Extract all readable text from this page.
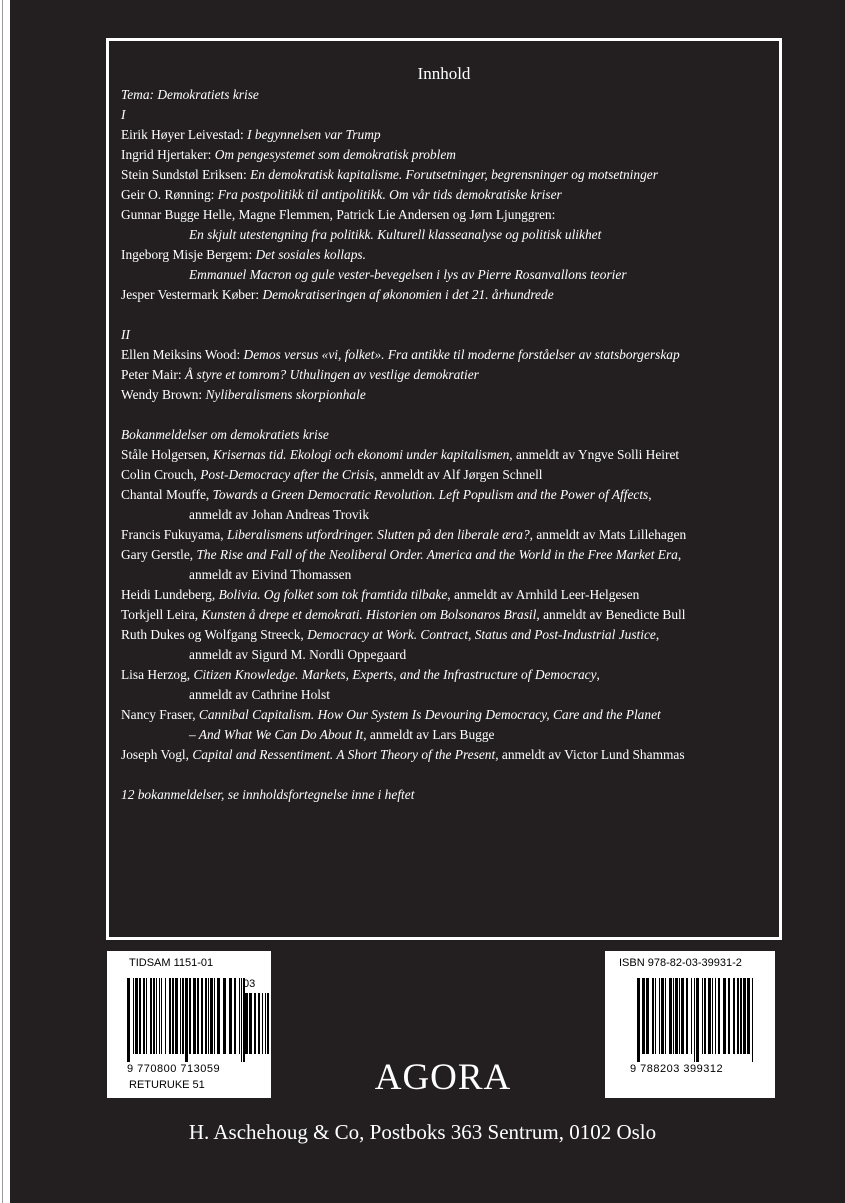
Innhold
Tema: Demokratiets krise
I
Eirik Høyer Leivestad: I begynnelsen var Trump
Ingrid Hjertaker: Om pengesystemet som demokratisk problem
Stein Sundstøl Eriksen: En demokratisk kapitalisme. Forutsetninger, begrensninger og motsetninger
Geir O. Rønning: Fra postpolitikk til antipolitikk. Om vår tids demokratiske kriser
Gunnar Bugge Helle, Magne Flemmen, Patrick Lie Andersen og Jørn Ljunggren:
En skjult utestengning fra politikk. Kulturell klasseanalyse og politisk ulikhet
Ingeborg Misje Bergem: Det sosiales kollaps.
Emmanuel Macron og gule vester-bevegelsen i lys av Pierre Rosanvallons teorier
Jesper Vestermark Køber: Demokratiseringen af økonomien i det 21. århundrede
II
Ellen Meiksins Wood: Demos versus «vi, folket». Fra antikke til moderne forståelser av statsborgerskap
Peter Mair: Å styre et tomrom? Uthulingen av vestlige demokratier
Wendy Brown: Nyliberalismens skorpionhale
Bokanmeldelser om demokratiets krise
Ståle Holgersen, Krisernas tid. Ekologi och ekonomi under kapitalismen, anmeldt av Yngve Solli Heiret
Colin Crouch, Post-Democracy after the Crisis, anmeldt av Alf Jørgen Schnell
Chantal Mouffe, Towards a Green Democratic Revolution. Left Populism and the Power of Affects,
anmeldt av Johan Andreas Trovik
Francis Fukuyama, Liberalismens utfordringer. Slutten på den liberale æra?, anmeldt av Mats Lillehagen
Gary Gerstle, The Rise and Fall of the Neoliberal Order. America and the World in the Free Market Era,
anmeldt av Eivind Thomassen
Heidi Lundeberg, Bolivia. Og folket som tok framtida tilbake, anmeldt av Arnhild Leer-Helgesen
Torkjell Leira, Kunsten å drepe et demokrati. Historien om Bolsonaros Brasil, anmeldt av Benedicte Bull
Ruth Dukes og Wolfgang Streeck, Democracy at Work. Contract, Status and Post-Industrial Justice,
anmeldt av Sigurd M. Nordli Oppegaard
Lisa Herzog, Citizen Knowledge. Markets, Experts, and the Infrastructure of Democracy,
anmeldt av Cathrine Holst
Nancy Fraser, Cannibal Capitalism. How Our System Is Devouring Democracy, Care and the Planet
– And What We Can Do About It, anmeldt av Lars Bugge
Joseph Vogl, Capital and Ressentiment. A Short Theory of the Present, anmeldt av Victor Lund Shammas
12 bokanmeldelser, se innholdsfortegnelse inne i heftet
TIDSAM 1151-01
03
9 770800 713059
RETURUKE 51
ISBN 978-82-03-39931-2
9 788203 399312
AGORA
H. Aschehoug & Co, Postboks 363 Sentrum, 0102 Oslo
